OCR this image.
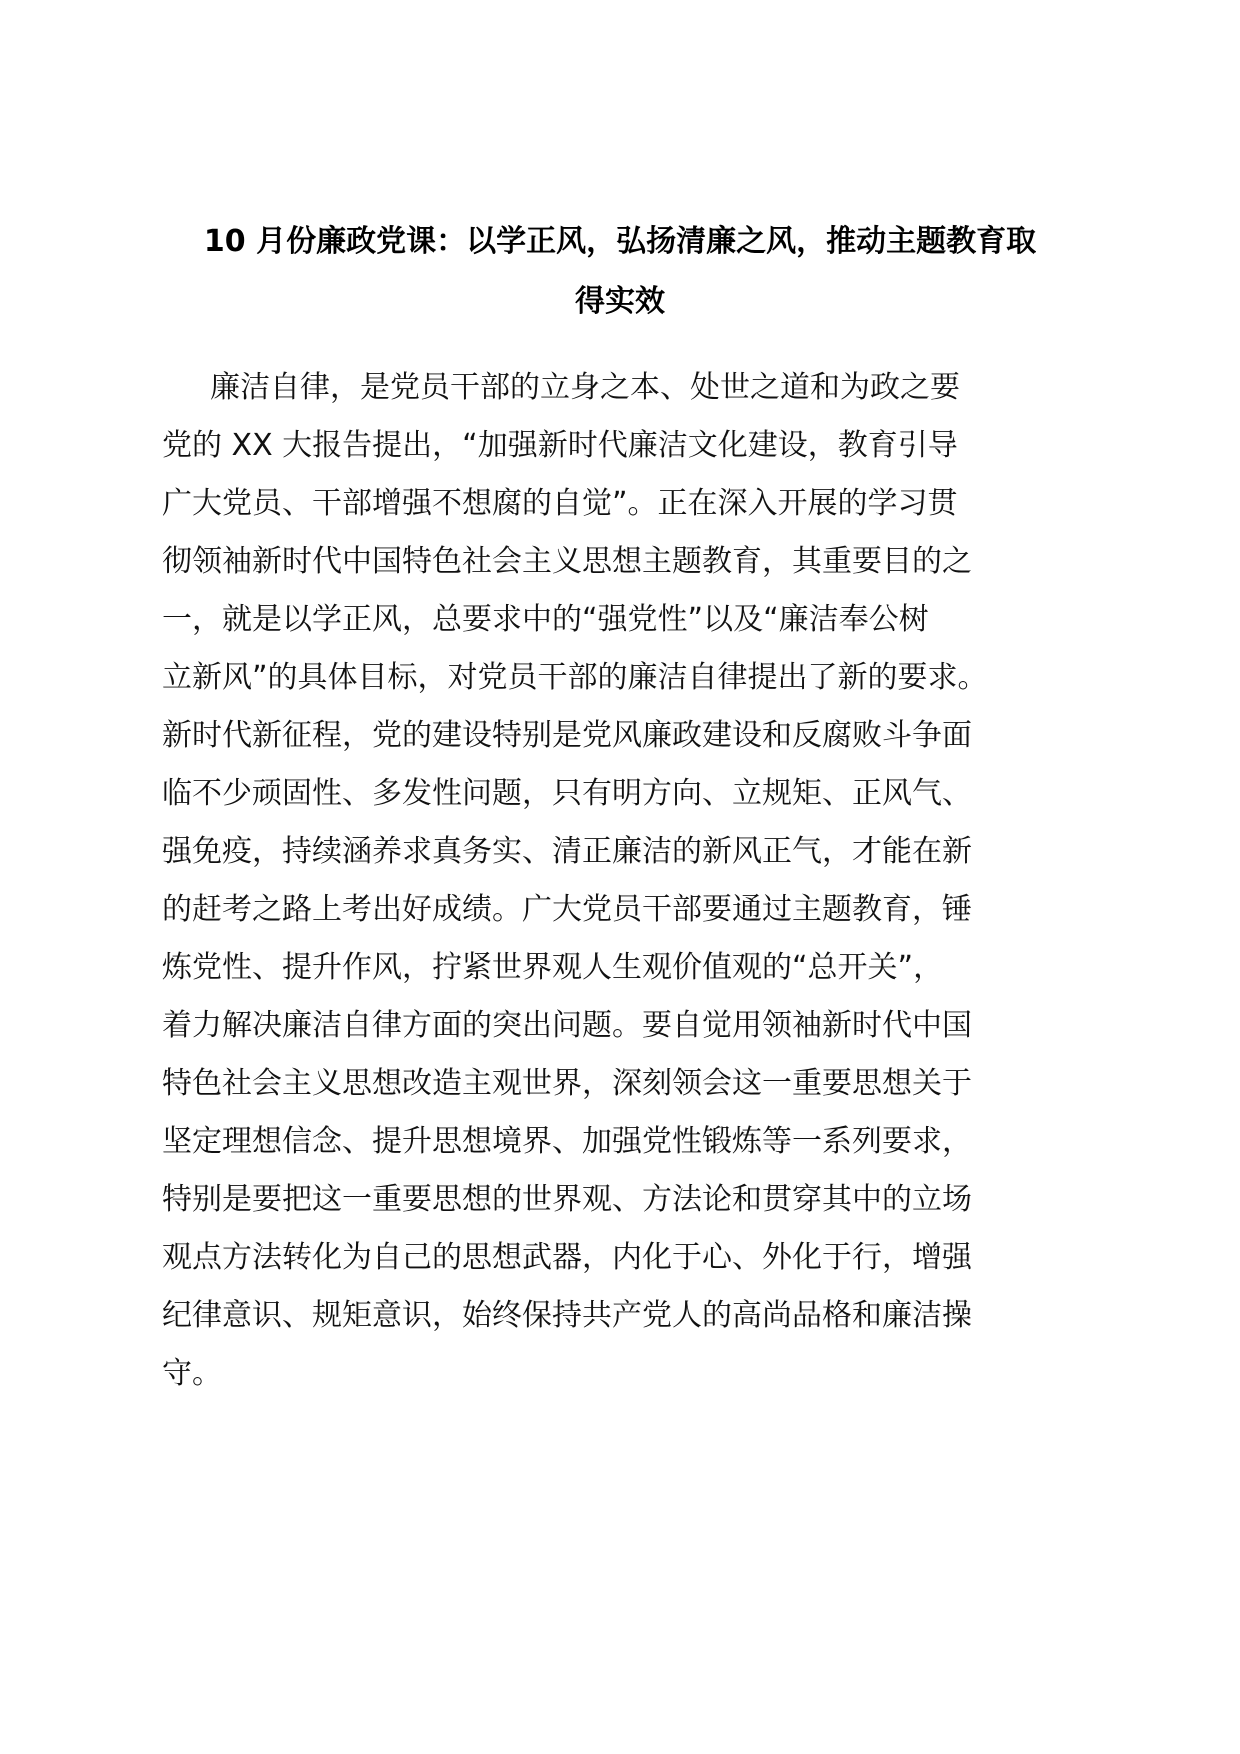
10 月份廉政党课：以学正风，弘扬清廉之风，推动主题教育取
得实效
廉洁自律，是党员干部的立身之本、处世之道和为政之要
党的 XX 大报告提出，“加强新时代廉洁文化建设，教育引导
广大党员、干部增强不想腐的自觉”。正在深入开展的学习贯
彻领袖新时代中国特色社会主义思想主题教育，其重要目的之
一，就是以学正风，总要求中的“强党性”以及“廉洁奉公树
立新风”的具体目标，对党员干部的廉洁自律提出了新的要求。
新时代新征程，党的建设特别是党风廉政建设和反腐败斗争面
临不少顽固性、多发性问题，只有明方向、立规矩、正风气、
强免疫，持续涵养求真务实、清正廉洁的新风正气，才能在新
的赶考之路上考出好成绩。广大党员干部要通过主题教育，锤
炼党性、提升作风，拧紧世界观人生观价值观的“总开关”，
着力解决廉洁自律方面的突出问题。要自觉用领袖新时代中国
特色社会主义思想改造主观世界，深刻领会这一重要思想关于
坚定理想信念、提升思想境界、加强党性锻炼等一系列要求，
特别是要把这一重要思想的世界观、方法论和贯穿其中的立场
观点方法转化为自己的思想武器，内化于心、外化于行，增强
纪律意识、规矩意识，始终保持共产党人的高尚品格和廉洁操
守。
